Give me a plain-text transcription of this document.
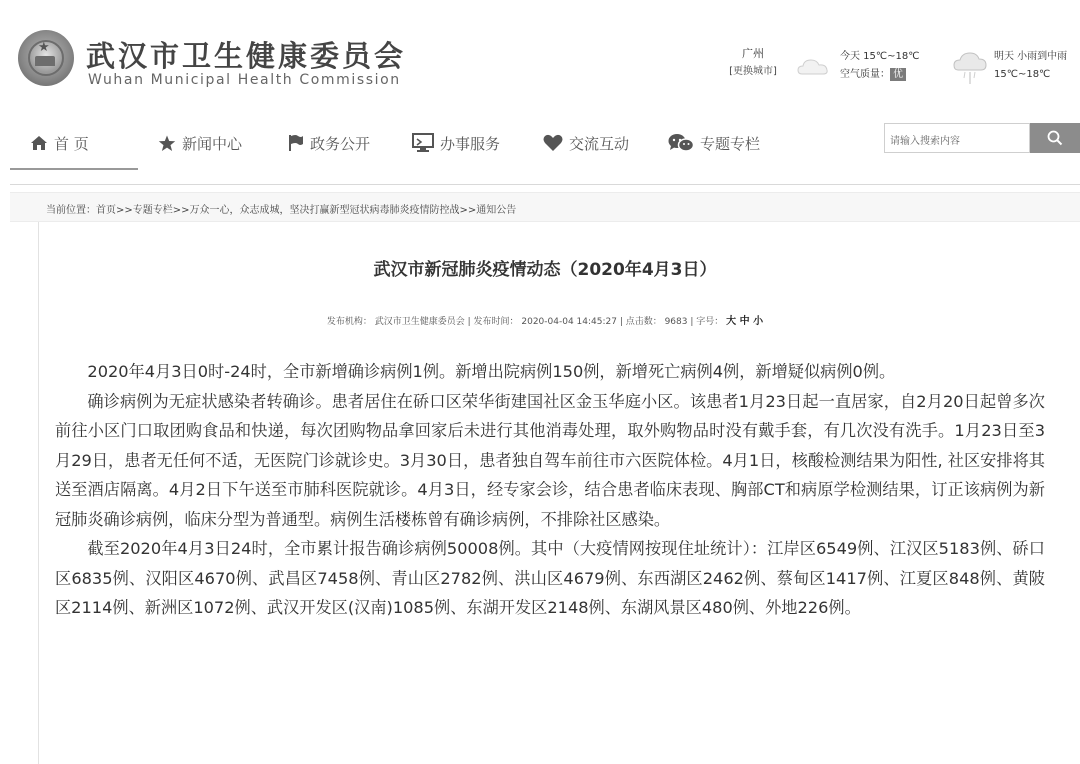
★ 武汉市卫生健康委员会
Wuhan Municipal Health Commission
广州
[更换城市]
今天 15℃~18℃
空气质量： 优
明天 小雨到中雨
15℃~18℃
首 页	新闻中心	政务公开	办事服务	交流互动	专题专栏	请输入搜索内容
当前位置：首页>>专题专栏>>万众一心，众志成城，坚决打赢新型冠状病毒肺炎疫情防控战>>通知公告
武汉市新冠肺炎疫情动态（2020年4月3日）
发布机构： 武汉市卫生健康委员会 | 发布时间： 2020-04-04 14:45:27 | 点击数： 9683 | 字号： 大 中 小

2020年4月3日0时-24时，全市新增确诊病例1例。新增出院病例150例，新增死亡病例4例，新增疑似病例0例。

确诊病例为无症状感染者转确诊。患者居住在硚口区荣华街建国社区金玉华庭小区。该患者1月23日起一直居家，自2月20日起曾多次前往小区门口取团购食品和快递，每次团购物品拿回家后未进行其他消毒处理，取外购物品时没有戴手套，有几次没有洗手。1月23日至3月29日，患者无任何不适，无医院门诊就诊史。3月30日，患者独自驾车前往市六医院体检。4月1日，核酸检测结果为阳性, 社区安排将其送至酒店隔离。4月2日下午送至市肺科医院就诊。4月3日，经专家会诊，结合患者临床表现、胸部CT和病原学检测结果，订正该病例为新冠肺炎确诊病例，临床分型为普通型。病例生活楼栋曾有确诊病例，不排除社区感染。

截至2020年4月3日24时，全市累计报告确诊病例50008例。其中（大疫情网按现住址统计）：江岸区6549例、江汉区5183例、硚口区6835例、汉阳区4670例、武昌区7458例、青山区2782例、洪山区4679例、东西湖区2462例、蔡甸区1417例、江夏区848例、黄陂区2114例、新洲区1072例、武汉开发区(汉南)1085例、东湖开发区2148例、东湖风景区480例、外地226例。
